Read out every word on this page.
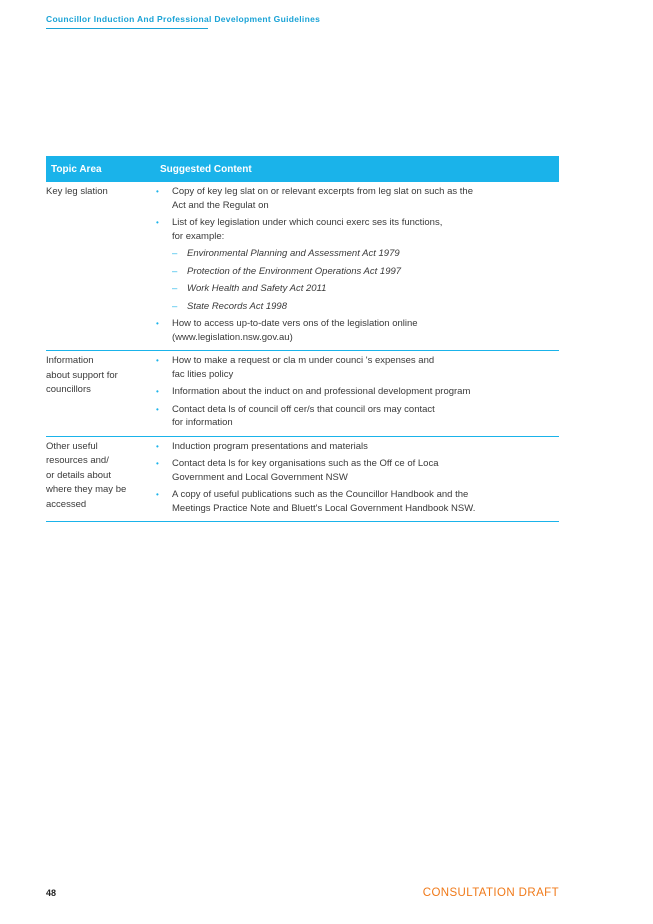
Councillor Induction And Professional Development Guidelines
Topic Area	Suggested Content
Key leg slation
•	Copy of key leg slat on or relevant excerpts from leg slat on such as the
Act and the Regulat on
• List of key legislation under which counci exerc ses its functions,
for example:
– Environmental Planning and Assessment Act 1979
– Protection of the Environment Operations Act 1997
– Work Health and Safety Act 2011
– State Records Act 1998
• How to access up-to-date vers ons of the legislation online
(www.legislation.nsw.gov.au)
Information
about support for
councillors
• How to make a request or cla m under counci 's expenses and
fac lities policy
• Information about the induct on and professional development program
• Contact deta ls of council off cer/s that council ors may contact
for information
Other useful
resources and/
or details about
where they may be
accessed
• Induction program presentations and materials
• Contact deta ls for key organisations such as the Off ce of Loca
Government and Local Government NSW
• A copy of useful publications such as the Councillor Handbook and the
Meetings Practice Note and Bluett's Local Government Handbook NSW.
48	CONSULTATION DRAFT
